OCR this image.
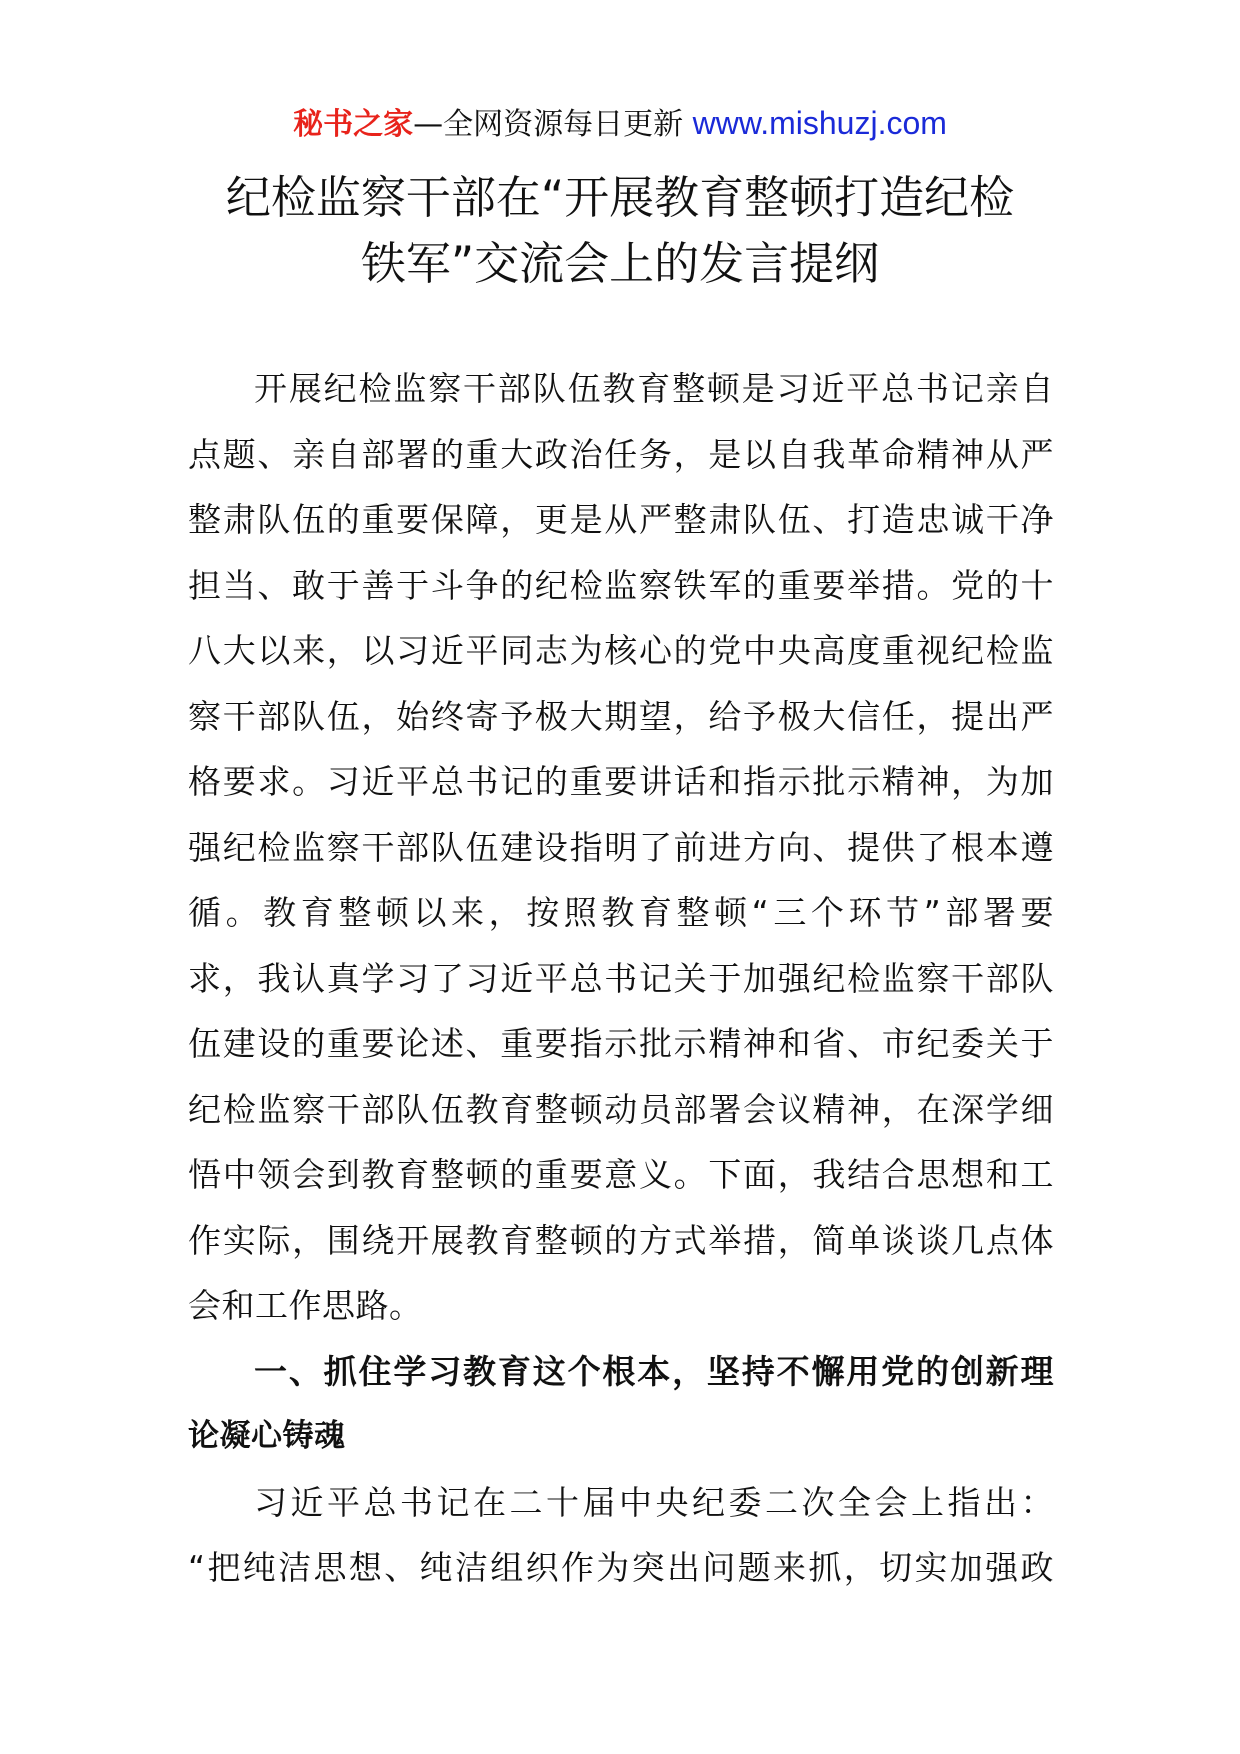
秘书之家—全网资源每日更新 www.mishuzj.com
纪检监察干部在“开展教育整顿打造纪检
铁军”交流会上的发言提纲
开展纪检监察干部队伍教育整顿是习近平总书记亲自
点题、亲自部署的重大政治任务，是以自我革命精神从严
整肃队伍的重要保障，更是从严整肃队伍、打造忠诚干净
担当、敢于善于斗争的纪检监察铁军的重要举措。党的十
八大以来，以习近平同志为核心的党中央高度重视纪检监
察干部队伍，始终寄予极大期望，给予极大信任，提出严
格要求。习近平总书记的重要讲话和指示批示精神，为加
强纪检监察干部队伍建设指明了前进方向、提供了根本遵
循。教育整顿以来，按照教育整顿“三个环节”部署要
求，我认真学习了习近平总书记关于加强纪检监察干部队
伍建设的重要论述、重要指示批示精神和省、市纪委关于
纪检监察干部队伍教育整顿动员部署会议精神，在深学细
悟中领会到教育整顿的重要意义。下面，我结合思想和工
作实际，围绕开展教育整顿的方式举措，简单谈谈几点体
会和工作思路。
一、抓住学习教育这个根本，坚持不懈用党的创新理
论凝心铸魂
习近平总书记在二十届中央纪委二次全会上指出：
“把纯洁思想、纯洁组织作为突出问题来抓，切实加强政
